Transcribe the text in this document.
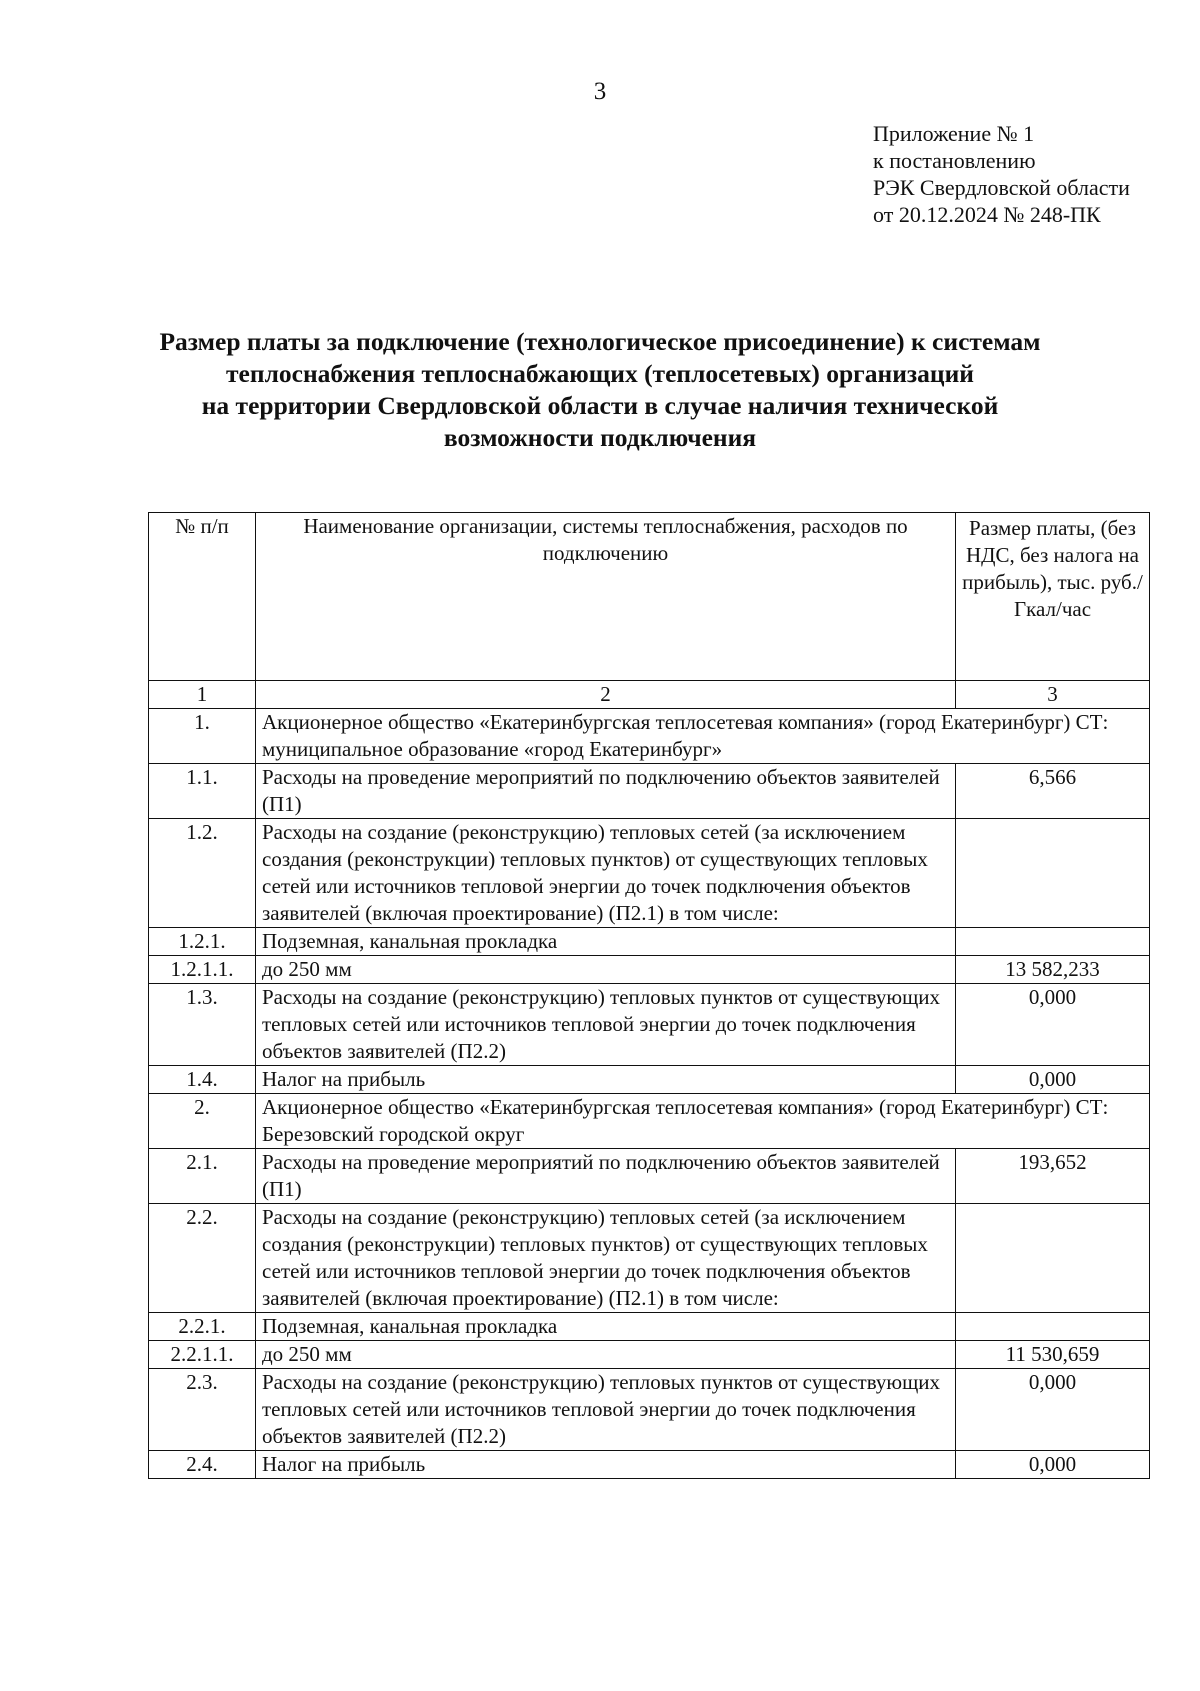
3
Приложение № 1
к постановлению
РЭК Свердловской области
от 20.12.2024 № 248-ПК
Размер платы за подключение (технологическое присоединение) к системам
теплоснабжения теплоснабжающих (теплосетевых) организаций
на территории Свердловской области в случае наличия технической
возможности подключения
№ п/п	Наименование организации, системы теплоснабжения, расходов по подключению	Размер платы, (без НДС, без налога на прибыль), тыс. руб./Гкал/час
1	2	3
1.	Акционерное общество «Екатеринбургская теплосетевая компания» (город Екатеринбург) СТ: муниципальное образование «город Екатеринбург»	
1.1.	Расходы на проведение мероприятий по подключению объектов заявителей (П1)	6,566
1.2.	Расходы на создание (реконструкцию) тепловых сетей (за исключением создания (реконструкции) тепловых пунктов) от существующих тепловых сетей или источников тепловой энергии до точек подключения объектов заявителей (включая проектирование) (П2.1) в том числе:	
1.2.1.	Подземная, канальная прокладка	
1.2.1.1.	до 250 мм	13 582,233
1.3.	Расходы на создание (реконструкцию) тепловых пунктов от существующих тепловых сетей или источников тепловой энергии до точек подключения объектов заявителей (П2.2)	0,000
1.4.	Налог на прибыль	0,000
2.	Акционерное общество «Екатеринбургская теплосетевая компания» (город Екатеринбург) СТ: Березовский городской округ	
2.1.	Расходы на проведение мероприятий по подключению объектов заявителей (П1)	193,652
2.2.	Расходы на создание (реконструкцию) тепловых сетей (за исключением создания (реконструкции) тепловых пунктов) от существующих тепловых сетей или источников тепловой энергии до точек подключения объектов заявителей (включая проектирование) (П2.1) в том числе:	
2.2.1.	Подземная, канальная прокладка	
2.2.1.1.	до 250 мм	11 530,659
2.3.	Расходы на создание (реконструкцию) тепловых пунктов от существующих тепловых сетей или источников тепловой энергии до точек подключения объектов заявителей (П2.2)	0,000
2.4.	Налог на прибыль	0,000
